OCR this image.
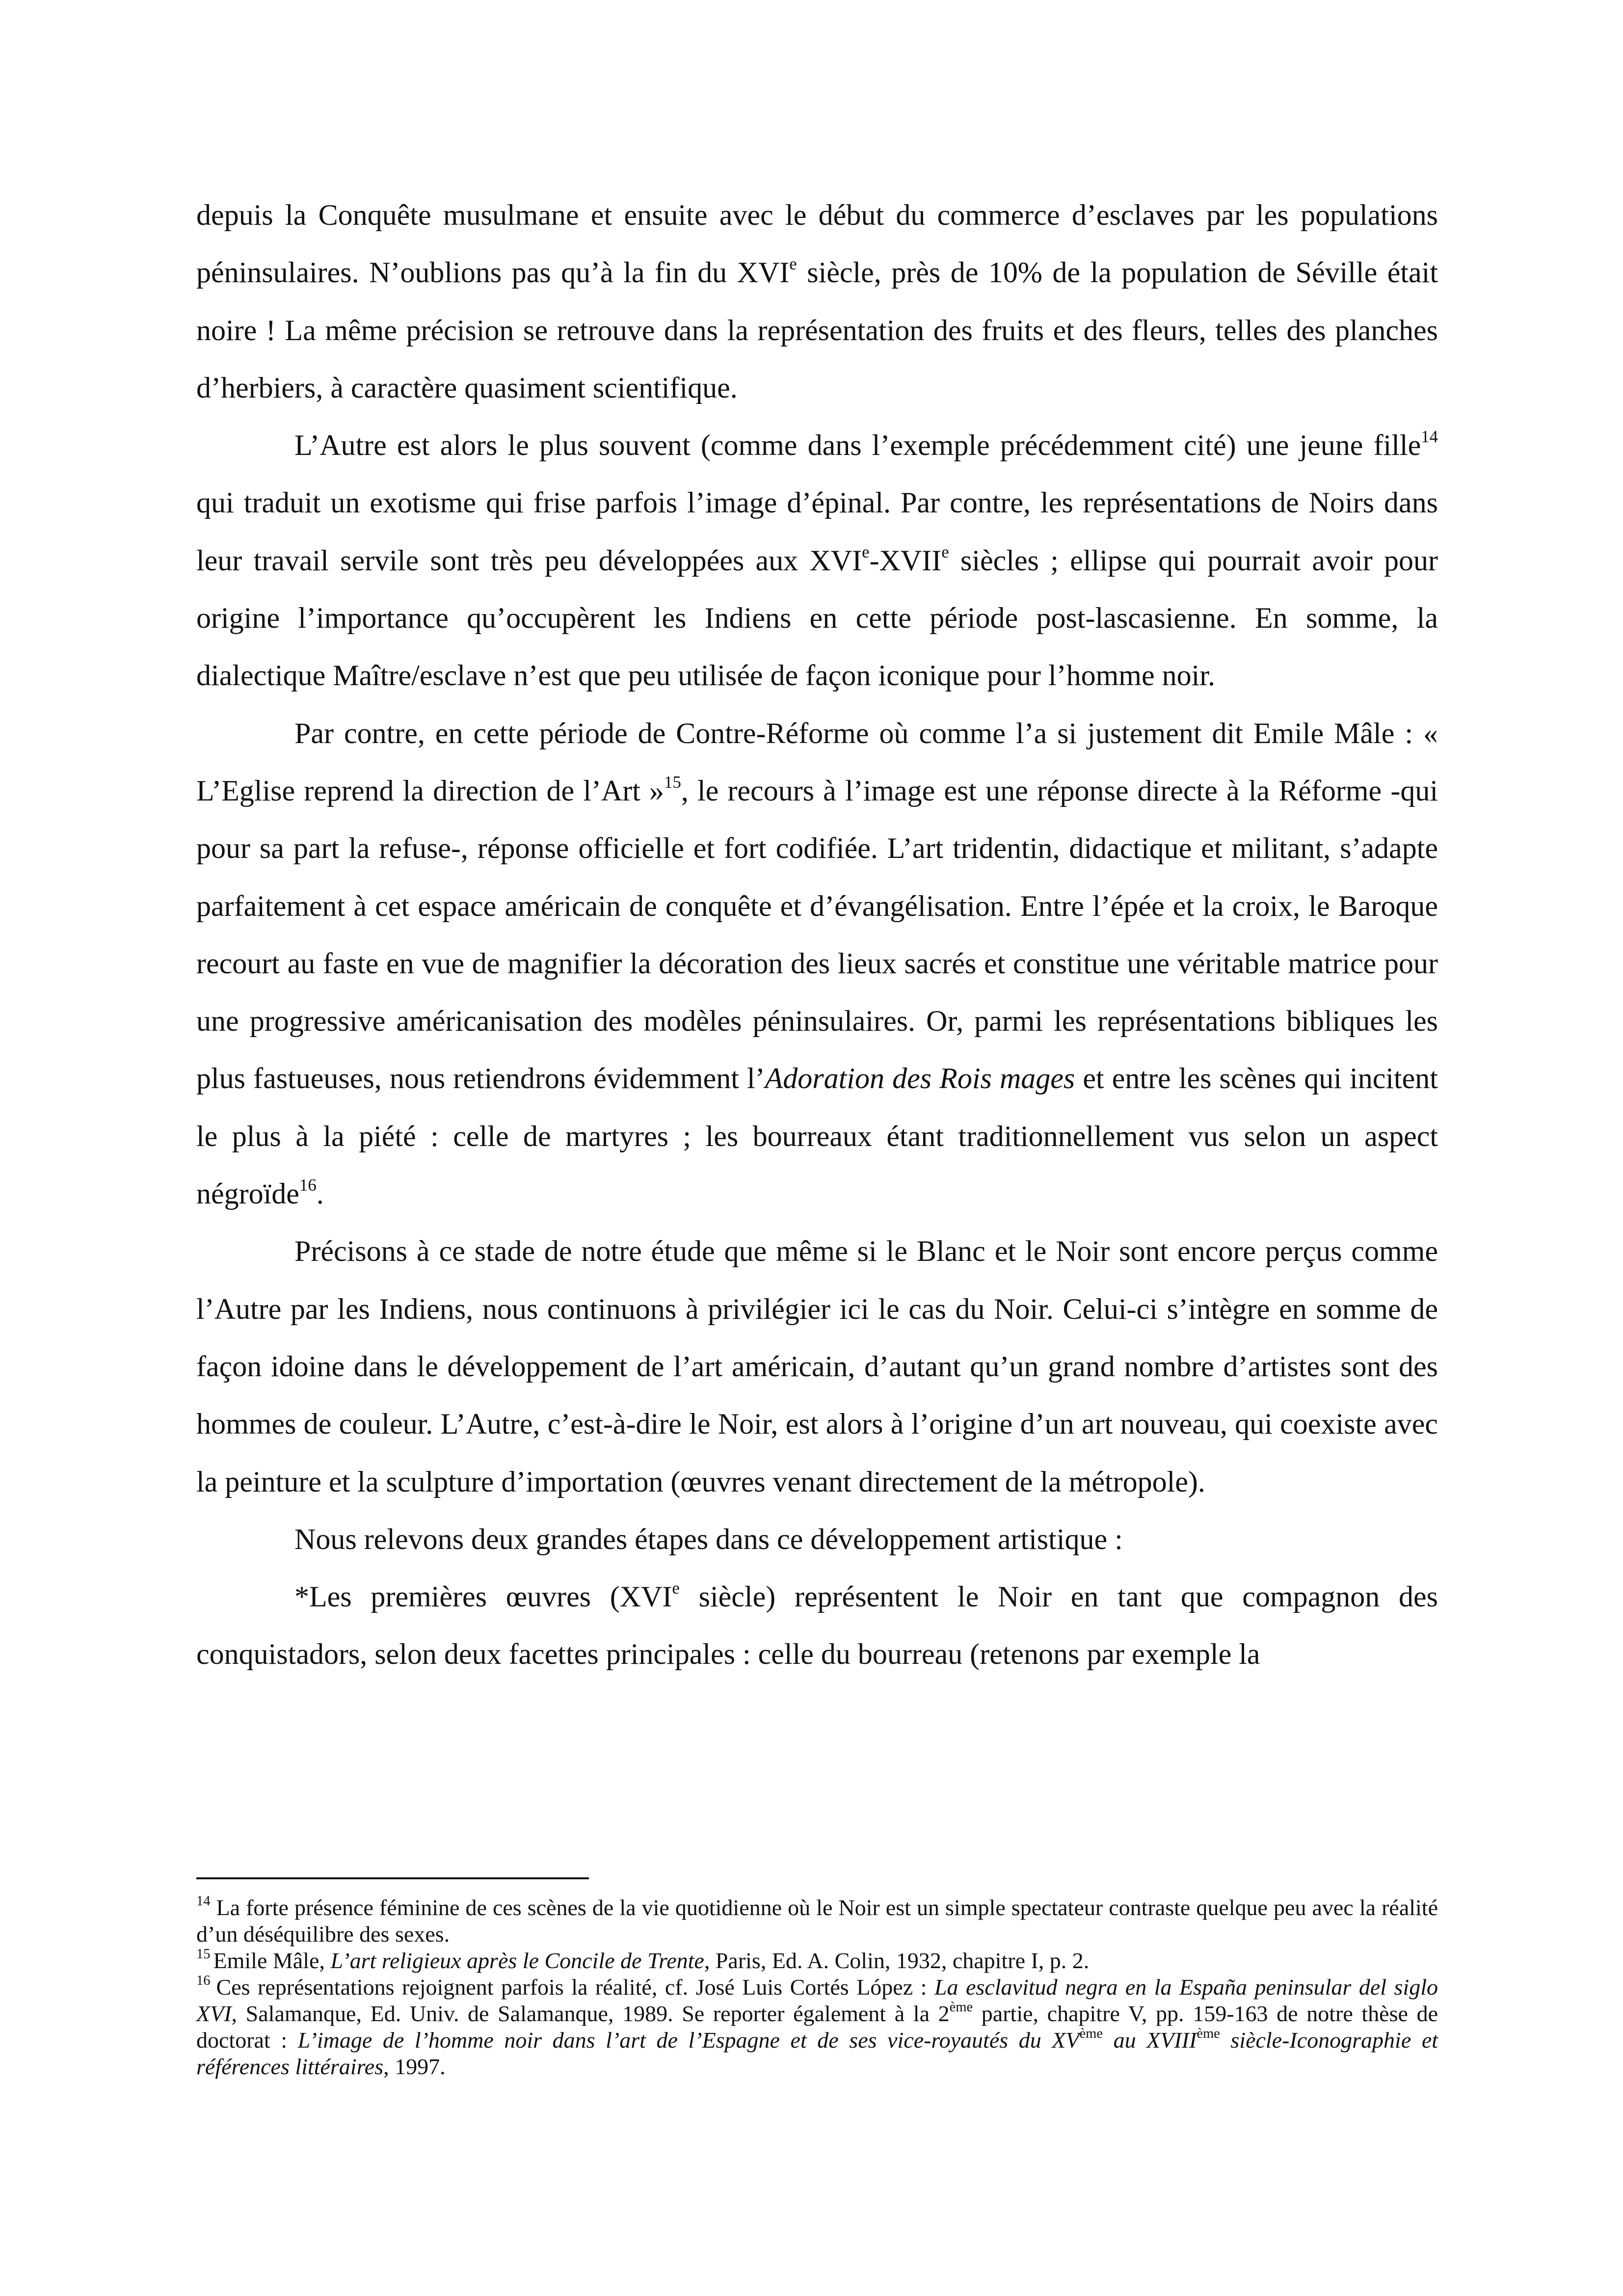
depuis la Conquête musulmane et ensuite avec le début du commerce d’esclaves par les populations péninsulaires. N’oublions pas qu’à la fin du XVIe siècle, près de 10% de la population de Séville était noire ! La même précision se retrouve dans la représentation des fruits et des fleurs, telles des planches d’herbiers, à caractère quasiment scientifique.

L’Autre est alors le plus souvent (comme dans l’exemple précédemment cité) une jeune fille$^{14}$ qui traduit un exotisme qui frise parfois l’image d’épinal. Par contre, les représentations de Noirs dans leur travail servile sont très peu développées aux XVIe-XVIIe siècles ; ellipse qui pourrait avoir pour origine l’importance qu’occupèrent les Indiens en cette période post-lascasienne. En somme, la dialectique Maître/esclave n’est que peu utilisée de façon iconique pour l’homme noir.

Par contre, en cette période de Contre-Réforme où comme l’a si justement dit Emile Mâle : « L’Eglise reprend la direction de l’Art »$^{15}$, le recours à l’image est une réponse directe à la Réforme -qui pour sa part la refuse-, réponse officielle et fort codifiée. L’art tridentin, didactique et militant, s’adapte parfaitement à cet espace américain de conquête et d’évangélisation. Entre l’épée et la croix, le Baroque recourt au faste en vue de magnifier la décoration des lieux sacrés et constitue une véritable matrice pour une progressive américanisation des modèles péninsulaires. Or, parmi les représentations bibliques les plus fastueuses, nous retiendrons évidemment l’Adoration des Rois mages et entre les scènes qui incitent le plus à la piété : celle de martyres ; les bourreaux étant traditionnellement vus selon un aspect négroïde$^{16}$.

Précisons à ce stade de notre étude que même si le Blanc et le Noir sont encore perçus comme l’Autre par les Indiens, nous continuons à privilégier ici le cas du Noir. Celui-ci s’intègre en somme de façon idoine dans le développement de l’art américain, d’autant qu’un grand nombre d’artistes sont des hommes de couleur. L’Autre, c’est-à-dire le Noir, est alors à l’origine d’un art nouveau, qui coexiste avec la peinture et la sculpture d’importation (œuvres venant directement de la métropole).

Nous relevons deux grandes étapes dans ce développement artistique :

*Les premières œuvres (XVIe siècle) représentent le Noir en tant que compagnon des conquistadors, selon deux facettes principales : celle du bourreau (retenons par exemple la

$^{14}$ La forte présence féminine de ces scènes de la vie quotidienne où le Noir est un simple spectateur contraste quelque peu avec la réalité d’un déséquilibre des sexes.

$^{15}$ Emile Mâle, L’art religieux après le Concile de Trente, Paris, Ed. A. Colin, 1932, chapitre I, p. 2.

$^{16}$ Ces représentations rejoignent parfois la réalité, cf. José Luis Cortés López : La esclavitud negra en la España peninsular del siglo XVI, Salamanque, Ed. Univ. de Salamanque, 1989. Se reporter également à la 2ème partie, chapitre V, pp. 159-163 de notre thèse de doctorat : L’image de l’homme noir dans l’art de l’Espagne et de ses vice-royautés du XVème au XVIIIème siècle-Iconographie et références littéraires, 1997.
